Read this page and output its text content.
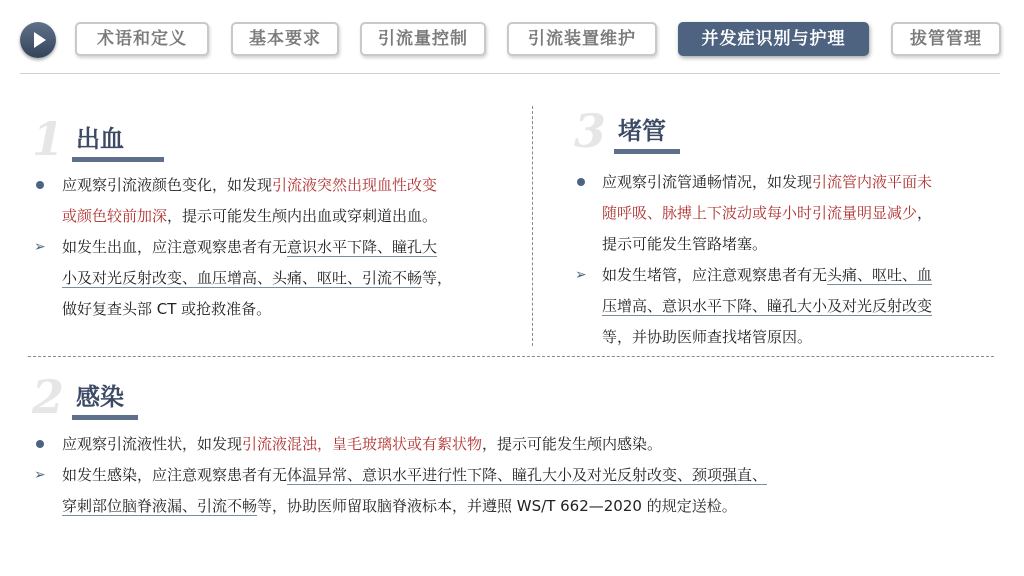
术语和定义	基本要求	引流量控制	引流装置维护	并发症识别与护理	拔管管理
1 出血
应观察引流液颜色变化，如发现引流液突然出现血性改变
或颜色较前加深，提示可能发生颅内出血或穿刺道出血。
➢ 如发生出血，应注意观察患者有无意识水平下降、瞳孔大
小及对光反射改变、血压增高、头痛、呕吐、引流不畅等，
做好复查头部 CT 或抢救准备。
3 堵管
应观察引流管通畅情况，如发现引流管内液平面未
随呼吸、脉搏上下波动或每小时引流量明显减少，
提示可能发生管路堵塞。
➢ 如发生堵管，应注意观察患者有无头痛、呕吐、血
压增高、意识水平下降、瞳孔大小及对光反射改变
等，并协助医师查找堵管原因。
2 感染
应观察引流液性状，如发现引流液混浊，皇毛玻璃状或有絮状物，提示可能发生颅内感染。
➢ 如发生感染，应注意观察患者有无体温异常、意识水平进行性下降、瞳孔大小及对光反射改变、颈项强直、
穿刺部位脑脊液漏、引流不畅等，协助医师留取脑脊液标本，并遵照 WS/T 662—2020 的规定送检。
